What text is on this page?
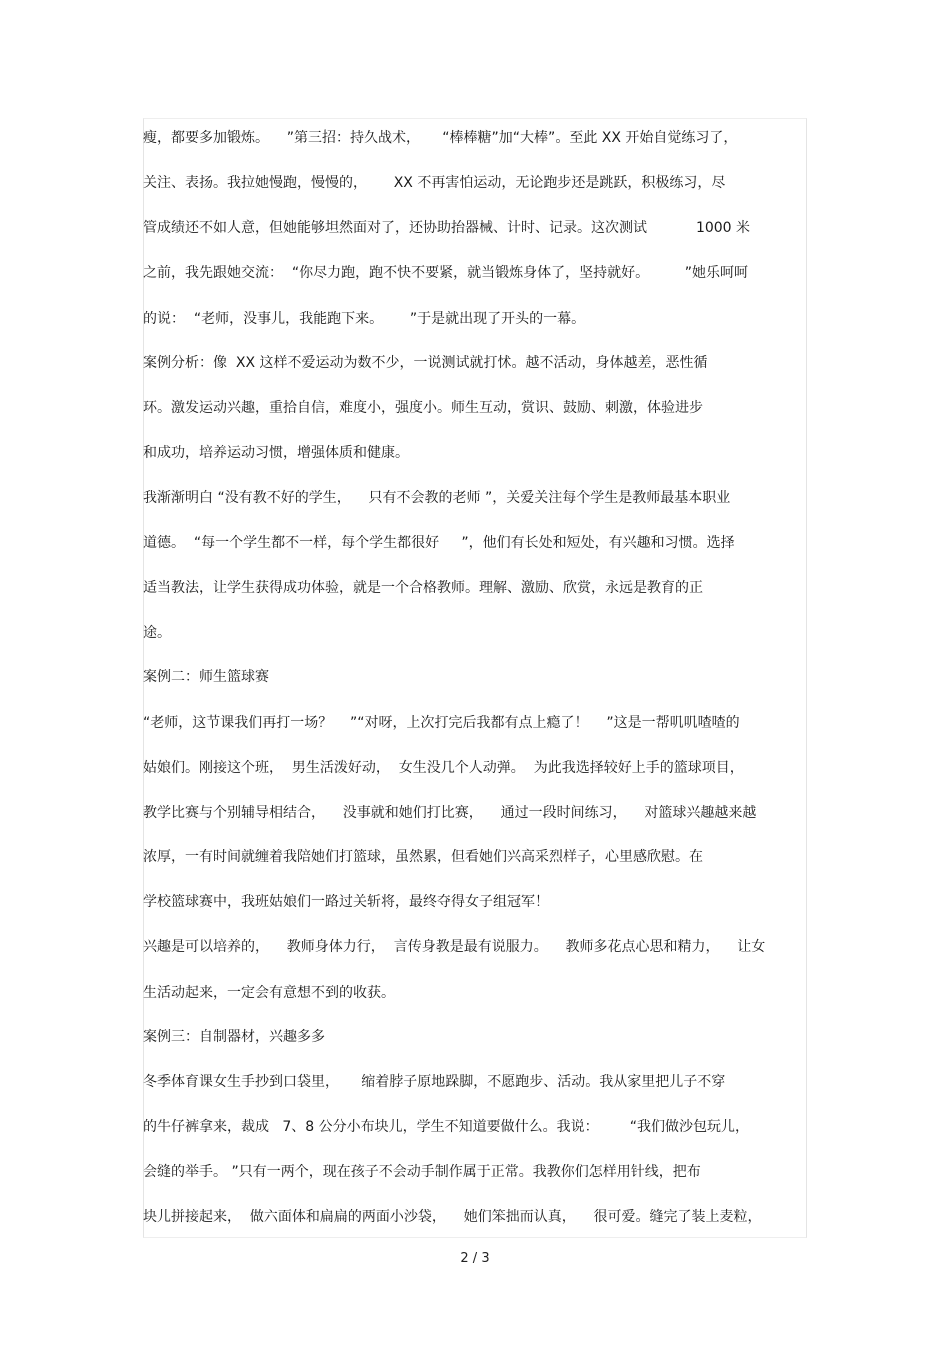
瘦，都要多加锻炼。    ”第三招：持久战术，     “棒棒糖”加“大棒”。至此 XX 开始自觉练习了，
关注、表扬。我拉她慢跑，慢慢的，      XX 不再害怕运动，无论跑步还是跳跃，积极练习，尽
管成绩还不如人意，但她能够坦然面对了，还协助抬器械、计时、记录。这次测试           1000 米
之前，我先跟她交流：  “你尽力跑，跑不快不要紧，就当锻炼身体了，坚持就好。        ”她乐呵呵
的说：  “老师，没事儿，我能跑下来。      ”于是就出现了开头的一幕。
案例分析：像  XX 这样不爱运动为数不少，一说测试就打怵。越不活动，身体越差，恶性循
环。激发运动兴趣，重拾自信，难度小，强度小。师生互动，赏识、鼓励、刺激，体验进步
和成功，培养运动习惯，增强体质和健康。
我渐渐明白 “没有教不好的学生，    只有不会教的老师 ”，关爱关注每个学生是教师最基本职业
道德。  “每一个学生都不一样，每个学生都很好     ”，他们有长处和短处，有兴趣和习惯。选择
适当教法，让学生获得成功体验，就是一个合格教师。理解、激励、欣赏，永远是教育的正
途。
案例二：师生篮球赛
“老师，这节课我们再打一场？    ”“对呀，上次打完后我都有点上瘾了！    ”这是一帮叽叽喳喳的
姑娘们。刚接这个班，  男生活泼好动，  女生没几个人动弹。  为此我选择较好上手的篮球项目，
教学比赛与个别辅导相结合，    没事就和她们打比赛，    通过一段时间练习，    对篮球兴趣越来越
浓厚，一有时间就缠着我陪她们打篮球，虽然累，但看她们兴高采烈样子，心里感欣慰。在
学校篮球赛中，我班姑娘们一路过关斩将，最终夺得女子组冠军！
兴趣是可以培养的，    教师身体力行，  言传身教是最有说服力。    教师多花点心思和精力，    让女
生活动起来，一定会有意想不到的收获。
案例三：自制器材，兴趣多多
冬季体育课女生手抄到口袋里，     缩着脖子原地跺脚，不愿跑步、活动。我从家里把儿子不穿
的牛仔裤拿来，裁成   7、8 公分小布块儿，学生不知道要做什么。我说：       “我们做沙包玩儿，
会缝的举手。 ”只有一两个，现在孩子不会动手制作属于正常。我教你们怎样用针线，把布
块儿拼接起来，  做六面体和扁扁的两面小沙袋，    她们笨拙而认真，    很可爱。缝完了装上麦粒，
2 / 3
